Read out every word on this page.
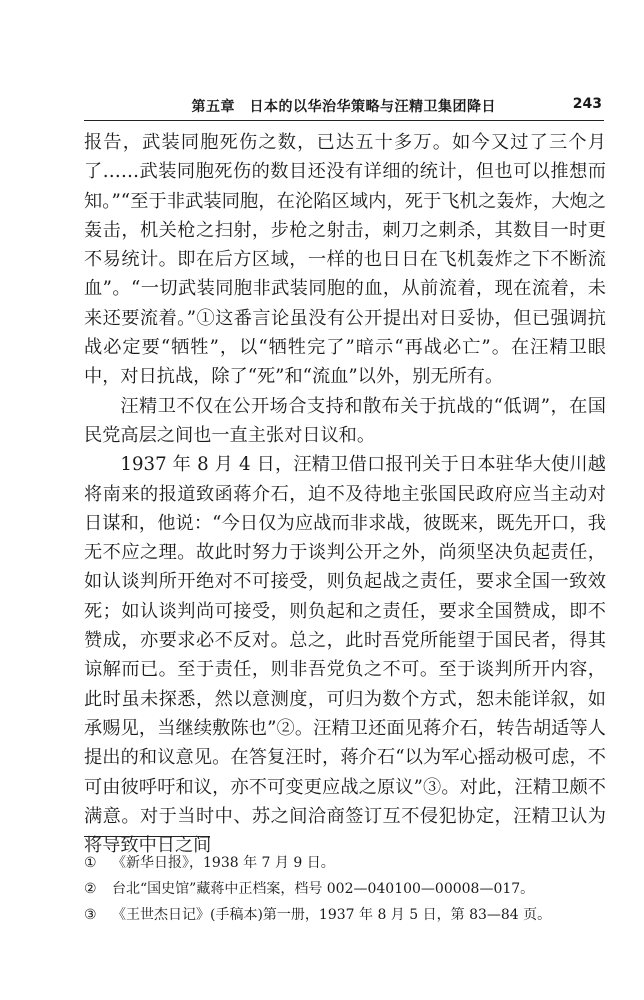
第五章　日本的以华治华策略与汪精卫集团降日	243

报告，武装同胞死伤之数，已达五十多万。如今又过了三个月了……武装同胞死伤的数目还没有详细的统计，但也可以推想而知。”“至于非武装同胞，在沦陷区域内，死于飞机之轰炸，大炮之轰击，机关枪之扫射，步枪之射击，刺刀之刺杀，其数目一时更不易统计。即在后方区域，一样的也日日在飞机轰炸之下不断流血”。“一切武装同胞非武装同胞的血，从前流着，现在流着，未来还要流着。”①这番言论虽没有公开提出对日妥协，但已强调抗战必定要“牺牲”，以“牺牲完了”暗示“再战必亡”。在汪精卫眼中，对日抗战，除了“死”和“流血”以外，别无所有。

汪精卫不仅在公开场合支持和散布关于抗战的“低调”，在国民党高层之间也一直主张对日议和。

1937 年 8 月 4 日，汪精卫借口报刊关于日本驻华大使川越将南来的报道致函蒋介石，迫不及待地主张国民政府应当主动对日谋和，他说：“今日仅为应战而非求战，彼既来，既先开口，我无不应之理。故此时努力于谈判公开之外，尚须坚决负起责任，如认谈判所开绝对不可接受，则负起战之责任，要求全国一致效死；如认谈判尚可接受，则负起和之责任，要求全国赞成，即不赞成，亦要求必不反对。总之，此时吾党所能望于国民者，得其谅解而已。至于责任，则非吾党负之不可。至于谈判所开内容，此时虽未探悉，然以意测度，可归为数个方式，恕未能详叙，如承赐见，当继续敷陈也”②。汪精卫还面见蒋介石，转告胡适等人提出的和议意见。在答复汪时，蒋介石“以为军心摇动极可虑，不可由彼呼吁和议，亦不可变更应战之原议”③。对此，汪精卫颇不满意。对于当时中、苏之间洽商签订互不侵犯协定，汪精卫认为将导致中日之间

①	《新华日报》，1938 年 7 月 9 日。
②	台北“国史馆”藏蒋中正档案，档号 002—040100—00008—017。
③	《王世杰日记》(手稿本)第一册，1937 年 8 月 5 日，第 83—84 页。
